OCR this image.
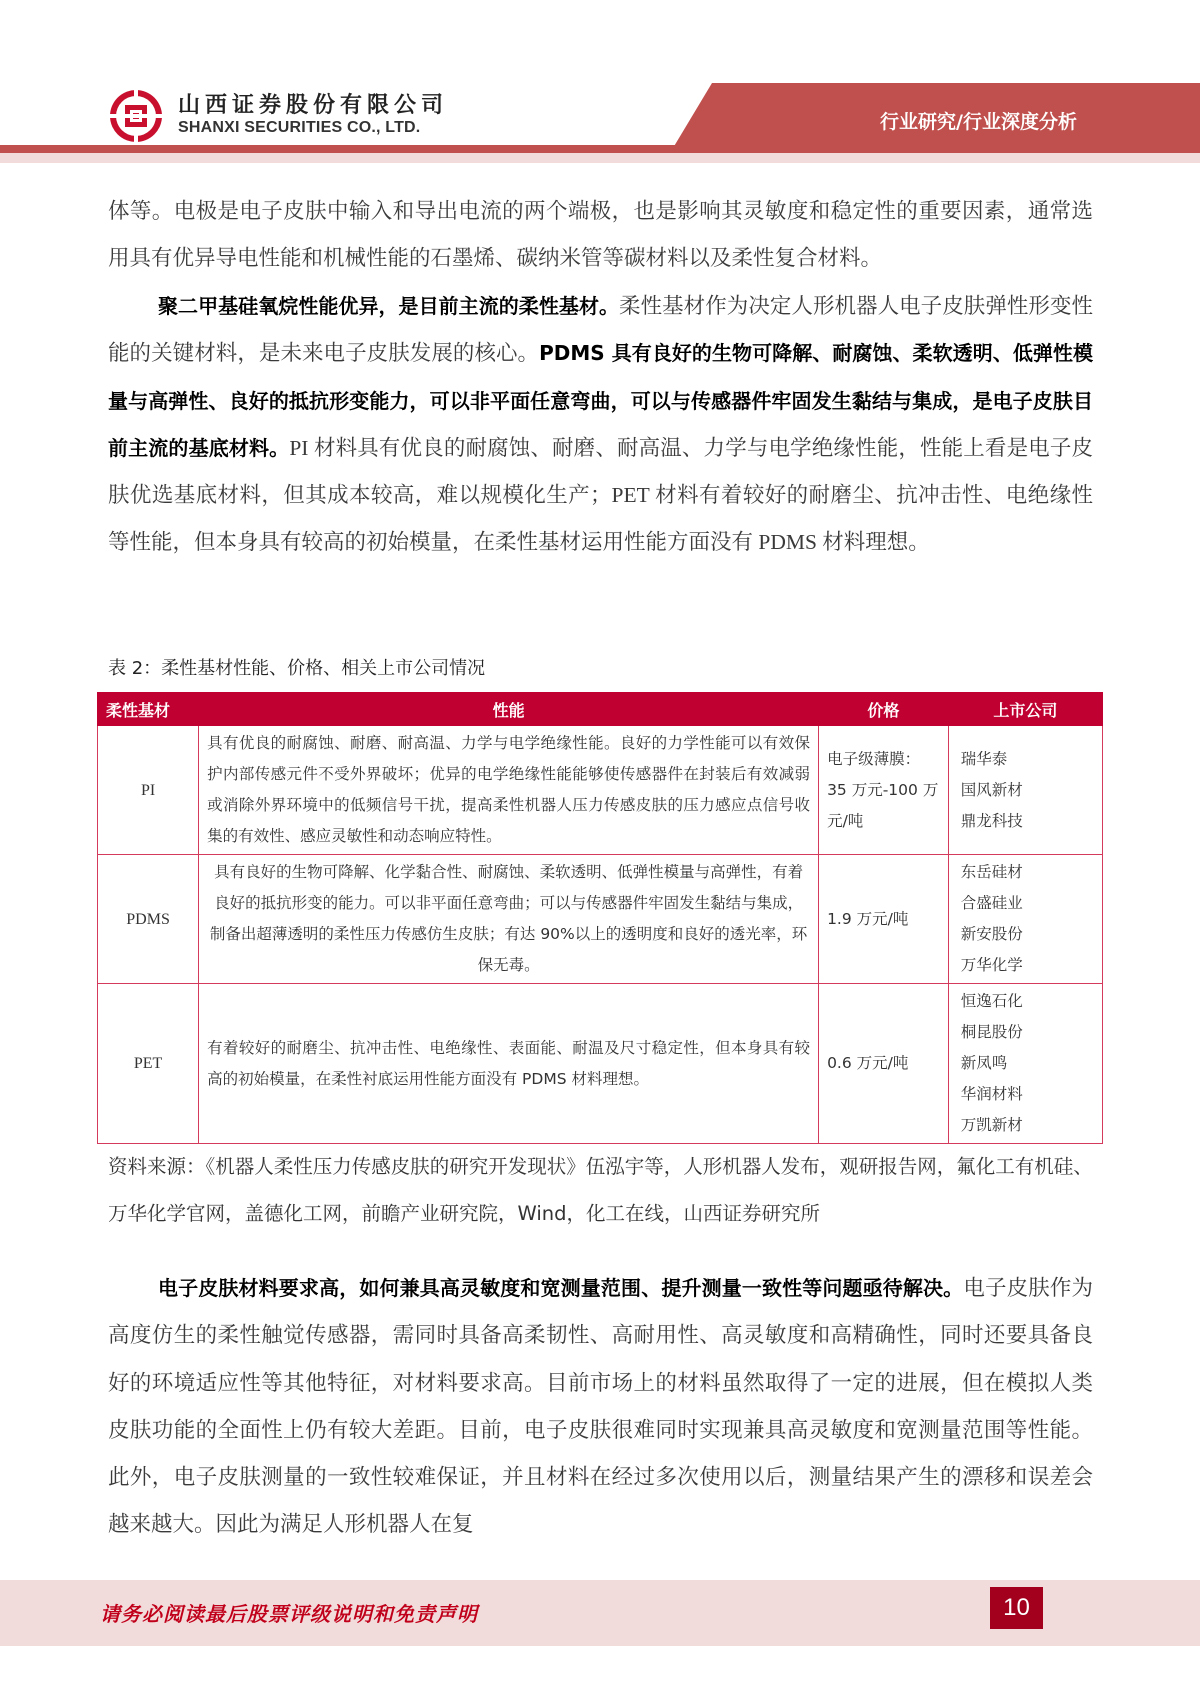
山西证券股份有限公司
SHANXI SECURITIES CO., LTD.	行业研究/行业深度分析
体等。电极是电子皮肤中输入和导出电流的两个端极，也是影响其灵敏度和稳定性的重要因素，通常选用具有优异导电性能和机械性能的石墨烯、碳纳米管等碳材料以及柔性复合材料。
聚二甲基硅氧烷性能优异，是目前主流的柔性基材。柔性基材作为决定人形机器人电子皮肤弹性形变性能的关键材料，是未来电子皮肤发展的核心。PDMS 具有良好的生物可降解、耐腐蚀、柔软透明、低弹性模量与高弹性、良好的抵抗形变能力，可以非平面任意弯曲，可以与传感器件牢固发生黏结与集成，是电子皮肤目前主流的基底材料。PI 材料具有优良的耐腐蚀、耐磨、耐高温、力学与电学绝缘性能，性能上看是电子皮肤优选基底材料，但其成本较高，难以规模化生产；PET 材料有着较好的耐磨尘、抗冲击性、电绝缘性等性能，但本身具有较高的初始模量，在柔性基材运用性能方面没有 PDMS 材料理想。
表 2：柔性基材性能、价格、相关上市公司情况
柔性基材	性能	价格	上市公司
PI	具有优良的耐腐蚀、耐磨、耐高温、力学与电学绝缘性能。良好的力学性能可以有效保护内部传感元件不受外界破坏；优异的电学绝缘性能能够使传感器件在封装后有效减弱或消除外界环境中的低频信号干扰，提高柔性机器人压力传感皮肤的压力感应点信号收集的有效性、感应灵敏性和动态响应特性。	电子级薄膜：35 万元-100 万元/吨	瑞华泰
国风新材
鼎龙科技

PDMS	具有良好的生物可降解、化学黏合性、耐腐蚀、柔软透明、低弹性模量与高弹性，有着良好的抵抗形变的能力。可以非平面任意弯曲；可以与传感器件牢固发生黏结与集成，制备出超薄透明的柔性压力传感仿生皮肤；有达 90%以上的透明度和良好的透光率，环保无毒。	1.9 万元/吨	东岳硅材
合盛硅业
新安股份
万华化学

PET	有着较好的耐磨尘、抗冲击性、电绝缘性、表面能、耐温及尺寸稳定性，但本身具有较高的初始模量，在柔性衬底运用性能方面没有 PDMS 材料理想。	0.6 万元/吨	恒逸石化
桐昆股份
新凤鸣
华润材料
万凯新材
资料来源：《机器人柔性压力传感皮肤的研究开发现状》伍泓宇等，人形机器人发布，观研报告网，氟化工有机硅、万华化学官网，盖德化工网，前瞻产业研究院，Wind，化工在线，山西证券研究所
电子皮肤材料要求高，如何兼具高灵敏度和宽测量范围、提升测量一致性等问题亟待解决。电子皮肤作为高度仿生的柔性触觉传感器，需同时具备高柔韧性、高耐用性、高灵敏度和高精确性，同时还要具备良好的环境适应性等其他特征，对材料要求高。目前市场上的材料虽然取得了一定的进展，但在模拟人类皮肤功能的全面性上仍有较大差距。目前，电子皮肤很难同时实现兼具高灵敏度和宽测量范围等性能。此外，电子皮肤测量的一致性较难保证，并且材料在经过多次使用以后，测量结果产生的漂移和误差会越来越大。因此为满足人形机器人在复
请务必阅读最后股票评级说明和免责声明	10
